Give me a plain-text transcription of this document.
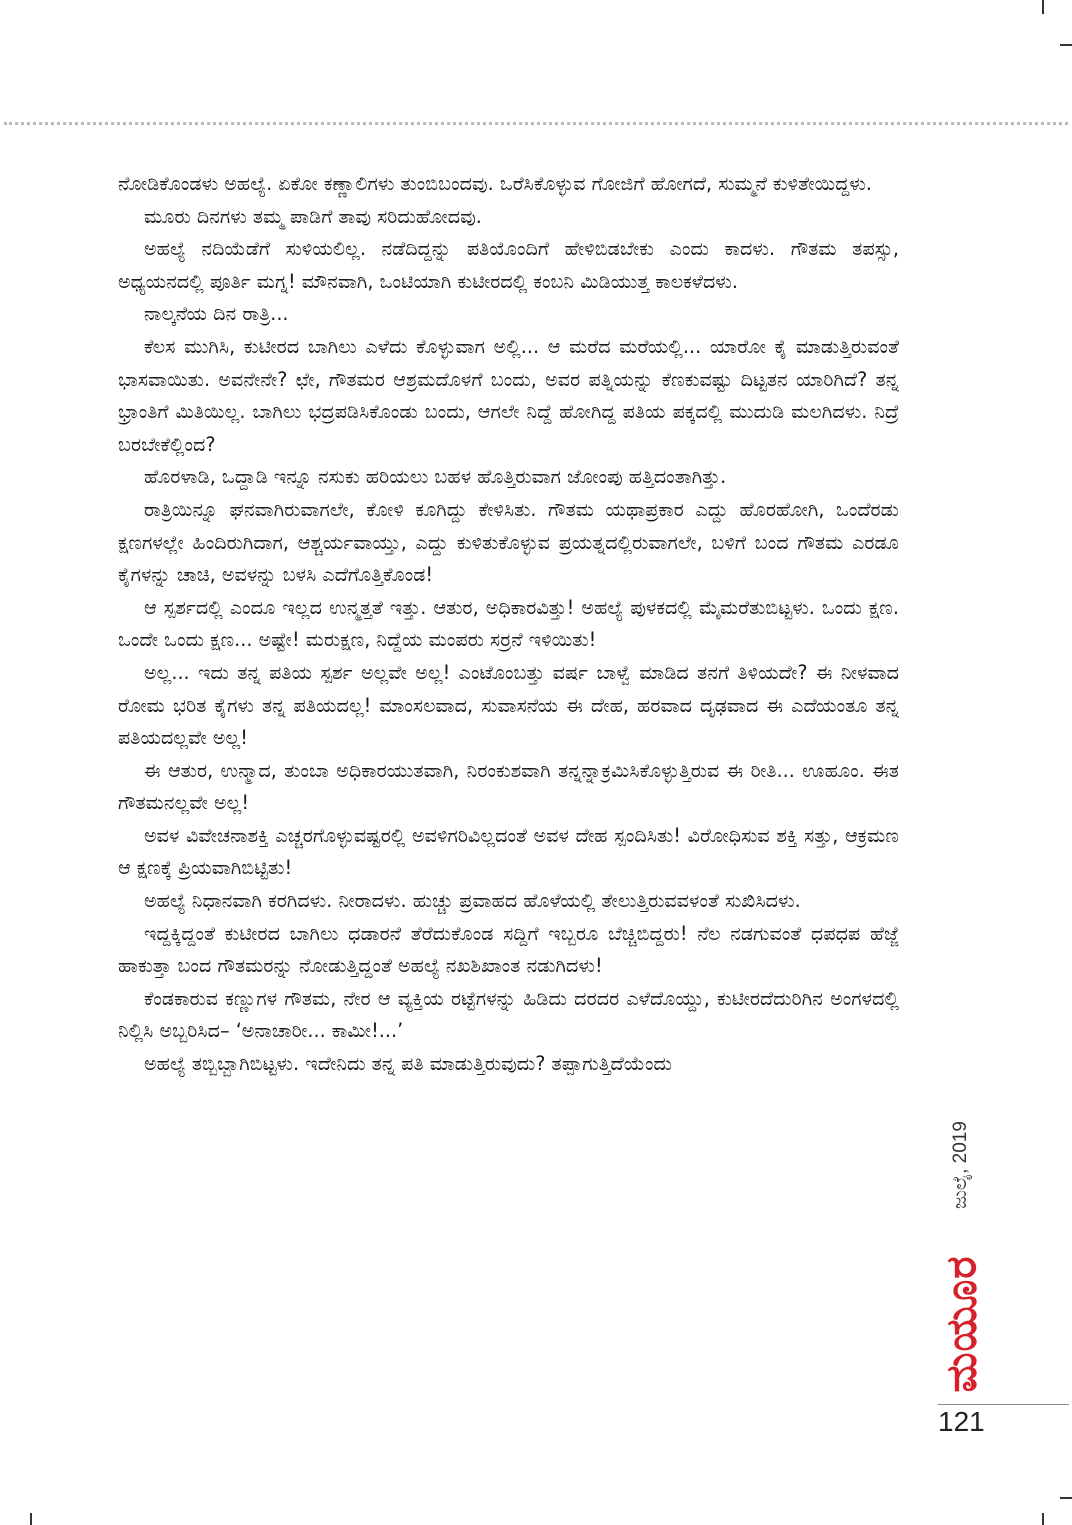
ನೋಡಿಕೊಂಡಳು ಅಹಲ್ಯೆ. ಏಕೋ ಕಣ್ಣಾಲಿಗಳು ತುಂಬಿಬಂದವು. ಒರೆಸಿಕೊಳ್ಳುವ ಗೋಜಿಗೆ ಹೋಗದೆ, ಸುಮ್ಮನೆ ಕುಳಿತೇಯಿದ್ದಳು.

ಮೂರು ದಿನಗಳು ತಮ್ಮ ಪಾಡಿಗೆ ತಾವು ಸರಿದುಹೋದವು.

ಅಹಲ್ಯೆ ನದಿಯೆಡೆಗೆ ಸುಳಿಯಲಿಲ್ಲ. ನಡೆದಿದ್ದನ್ನು ಪತಿಯೊಂದಿಗೆ ಹೇಳಿಬಿಡಬೇಕು ಎಂದು ಕಾದಳು. ಗೌತಮ ತಪಸ್ಸು, ಅಧ್ಯಯನದಲ್ಲಿ ಪೂರ್ತಿ ಮಗ್ನ! ಮೌನವಾಗಿ, ಒಂಟಿಯಾಗಿ ಕುಟೀರದಲ್ಲಿ ಕಂಬನಿ ಮಿಡಿಯುತ್ತ ಕಾಲಕಳೆದಳು.

ನಾಲ್ಕನೆಯ ದಿನ ರಾತ್ರಿ...

ಕೆಲಸ ಮುಗಿಸಿ, ಕುಟೀರದ ಬಾಗಿಲು ಎಳೆದು ಕೊಳ್ಳುವಾಗ ಅಲ್ಲಿ... ಆ ಮರೆದ ಮರೆಯಲ್ಲಿ... ಯಾರೋ ಕೈ ಮಾಡುತ್ತಿರುವಂತೆ ಭಾಸವಾಯಿತು. ಅವನೇನೇ? ಛೇ, ಗೌತಮರ ಆಶ್ರಮದೊಳಗೆ ಬಂದು, ಅವರ ಪತ್ನಿಯನ್ನು ಕೆಣಕುವಷ್ಟು ದಿಟ್ಟತನ ಯಾರಿಗಿದೆ? ತನ್ನ ಭ್ರಾಂತಿಗೆ ಮಿತಿಯಿಲ್ಲ. ಬಾಗಿಲು ಭದ್ರಪಡಿಸಿಕೊಂಡು ಬಂದು, ಆಗಲೇ ನಿದ್ದೆ ಹೋಗಿದ್ದ ಪತಿಯ ಪಕ್ಕದಲ್ಲಿ ಮುದುಡಿ ಮಲಗಿದಳು. ನಿದ್ರೆ ಬರಬೇಕೆಲ್ಲಿಂದ?

ಹೊರಳಾಡಿ, ಒದ್ದಾಡಿ ಇನ್ನೂ ನಸುಕು ಹರಿಯಲು ಬಹಳ ಹೊತ್ತಿರುವಾಗ ಜೋಂಪು ಹತ್ತಿದಂತಾಗಿತ್ತು.

ರಾತ್ರಿಯಿನ್ನೂ ಘನವಾಗಿರುವಾಗಲೇ, ಕೋಳಿ ಕೂಗಿದ್ದು ಕೇಳಿಸಿತು. ಗೌತಮ ಯಥಾಪ್ರಕಾರ ಎದ್ದು ಹೊರಹೋಗಿ, ಒಂದೆರಡು ಕ್ಷಣಗಳಲ್ಲೇ ಹಿಂದಿರುಗಿದಾಗ, ಆಶ್ಚರ್ಯವಾಯ್ತು, ಎದ್ದು ಕುಳಿತುಕೊಳ್ಳುವ ಪ್ರಯತ್ನದಲ್ಲಿರುವಾಗಲೇ, ಬಳಿಗೆ ಬಂದ ಗೌತಮ ಎರಡೂ ಕೈಗಳನ್ನು ಚಾಚಿ, ಅವಳನ್ನು ಬಳಸಿ ಎದೆಗೊತ್ತಿಕೊಂಡ!

ಆ ಸ್ಪರ್ಶದಲ್ಲಿ ಎಂದೂ ಇಲ್ಲದ ಉನ್ಮತ್ತತೆ ಇತ್ತು. ಆತುರ, ಅಧಿಕಾರವಿತ್ತು! ಅಹಲ್ಯೆ ಪುಳಕದಲ್ಲಿ ಮೈಮರೆತುಬಿಟ್ಟಳು. ಒಂದು ಕ್ಷಣ. ಒಂದೇ ಒಂದು ಕ್ಷಣ... ಅಷ್ಟೇ! ಮರುಕ್ಷಣ, ನಿದ್ದೆಯ ಮಂಪರು ಸರ್ರನೆ ಇಳಿಯಿತು!

ಅಲ್ಲ... ಇದು ತನ್ನ ಪತಿಯ ಸ್ಪರ್ಶ ಅಲ್ಲವೇ ಅಲ್ಲ! ಎಂಟೊಂಬತ್ತು ವರ್ಷ ಬಾಳ್ವೆ ಮಾಡಿದ ತನಗೆ ತಿಳಿಯದೇ? ಈ ನೀಳವಾದ ರೋಮ ಭರಿತ ಕೈಗಳು ತನ್ನ ಪತಿಯದಲ್ಲ! ಮಾಂಸಲವಾದ, ಸುವಾಸನೆಯ ಈ ದೇಹ, ಹರವಾದ ದೃಢವಾದ ಈ ಎದೆಯಂತೂ ತನ್ನ ಪತಿಯದಲ್ಲವೇ ಅಲ್ಲ!

ಈ ಆತುರ, ಉನ್ಮಾದ, ತುಂಬಾ ಅಧಿಕಾರಯುತವಾಗಿ, ನಿರಂಕುಶವಾಗಿ ತನ್ನನ್ನಾಕ್ರಮಿಸಿಕೊಳ್ಳುತ್ತಿರುವ ಈ ರೀತಿ... ಊಹೂಂ. ಈತ ಗೌತಮನಲ್ಲವೇ ಅಲ್ಲ!

ಅವಳ ವಿವೇಚನಾಶಕ್ತಿ ಎಚ್ಚರಗೊಳ್ಳುವಷ್ಟರಲ್ಲಿ ಅವಳಿಗರಿವಿಲ್ಲದಂತೆ ಅವಳ ದೇಹ ಸ್ಪಂದಿಸಿತು! ವಿರೋಧಿಸುವ ಶಕ್ತಿ ಸತ್ತು, ಆಕ್ರಮಣ ಆ ಕ್ಷಣಕ್ಕೆ ಪ್ರಿಯವಾಗಿಬಿಟ್ಟಿತು!

ಅಹಲ್ಯೆ ನಿಧಾನವಾಗಿ ಕರಗಿದಳು. ನೀರಾದಳು. ಹುಚ್ಚು ಪ್ರವಾಹದ ಹೊಳೆಯಲ್ಲಿ ತೇಲುತ್ತಿರುವವಳಂತೆ ಸುಖಿಸಿದಳು.

ಇದ್ದಕ್ಕಿದ್ದಂತೆ ಕುಟೀರದ ಬಾಗಿಲು ಧಡಾರನೆ ತೆರೆದುಕೊಂಡ ಸದ್ದಿಗೆ ಇಬ್ಬರೂ ಬೆಚ್ಚಿಬಿದ್ದರು! ನೆಲ ನಡಗುವಂತೆ ಧಪಧಪ ಹೆಜ್ಜೆ ಹಾಕುತ್ತಾ ಬಂದ ಗೌತಮರನ್ನು ನೋಡುತ್ತಿದ್ದಂತೆ ಅಹಲ್ಯೆ ನಖಶಿಖಾಂತ ನಡುಗಿದಳು!

ಕೆಂಡಕಾರುವ ಕಣ್ಣುಗಳ ಗೌತಮ, ನೇರ ಆ ವ್ಯಕ್ತಿಯ ರಟ್ಟೆಗಳನ್ನು ಹಿಡಿದು ದರದರ ಎಳೆದೊಯ್ದು, ಕುಟೀರದೆದುರಿಗಿನ ಅಂಗಳದಲ್ಲಿ ನಿಲ್ಲಿಸಿ ಅಬ್ಬರಿಸಿದ– ‘ಅನಾಚಾರೀ... ಕಾಮೀ!...’

ಅಹಲ್ಯೆ ತಬ್ಬಿಬ್ಬಾಗಿಬಿಟ್ಟಳು. ಇದೇನಿದು ತನ್ನ ಪತಿ ಮಾಡುತ್ತಿರುವುದು? ತಪ್ಪಾಗುತ್ತಿದೆಯೆಂದು

ಜುಲೈ, 2019
ಮಯೂರ
121
